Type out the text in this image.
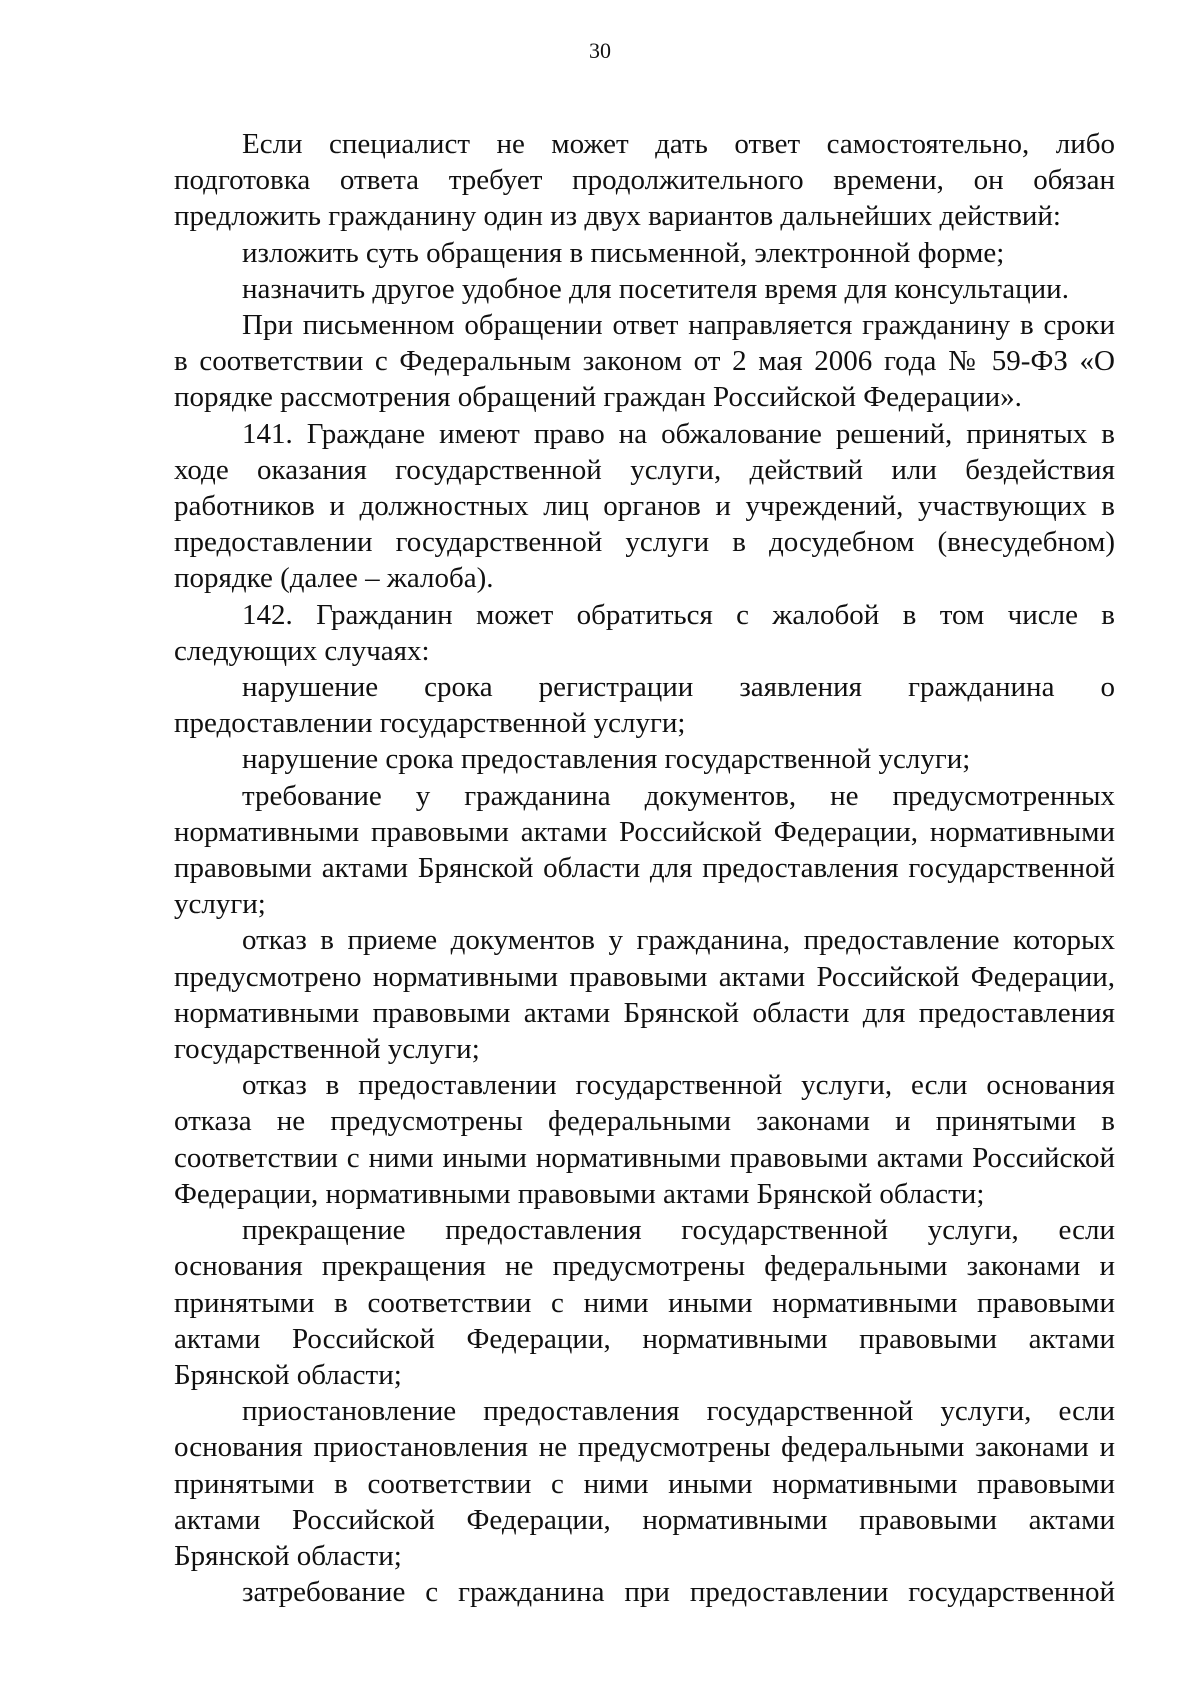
30

Если специалист не может дать ответ самостоятельно, либо подготовка ответа требует продолжительного времени, он обязан предложить гражданину один из двух вариантов дальнейших действий:

изложить суть обращения в письменной, электронной форме;

назначить другое удобное для посетителя время для консультации.

При письменном обращении ответ направляется гражданину в сроки в соответствии с Федеральным законом от 2 мая 2006 года № 59-ФЗ «О порядке рассмотрения обращений граждан Российской Федерации».

141. Граждане имеют право на обжалование решений, принятых в ходе оказания государственной услуги, действий или бездействия работников и должностных лиц органов и учреждений, участвующих в предоставлении государственной услуги в досудебном (внесудебном) порядке (далее – жалоба).

142. Гражданин может обратиться с жалобой в том числе в следующих случаях:

нарушение срока регистрации заявления гражданина о предоставлении государственной услуги;

нарушение срока предоставления государственной услуги;

требование у гражданина документов, не предусмотренных нормативными правовыми актами Российской Федерации, нормативными правовыми актами Брянской области для предоставления государственной услуги;

отказ в приеме документов у гражданина, предоставление которых предусмотрено нормативными правовыми актами Российской Федерации, нормативными правовыми актами Брянской области для предоставления государственной услуги;

отказ в предоставлении государственной услуги, если основания отказа не предусмотрены федеральными законами и принятыми в соответствии с ними иными нормативными правовыми актами Российской Федерации, нормативными правовыми актами Брянской области;

прекращение предоставления государственной услуги, если основания прекращения не предусмотрены федеральными законами и принятыми в соответствии с ними иными нормативными правовыми актами Российской Федерации, нормативными правовыми актами Брянской области;

приостановление предоставления государственной услуги, если основания приостановления не предусмотрены федеральными законами и принятыми в соответствии с ними иными нормативными правовыми актами Российской Федерации, нормативными правовыми актами Брянской области;

затребование с гражданина при предоставлении государственной
